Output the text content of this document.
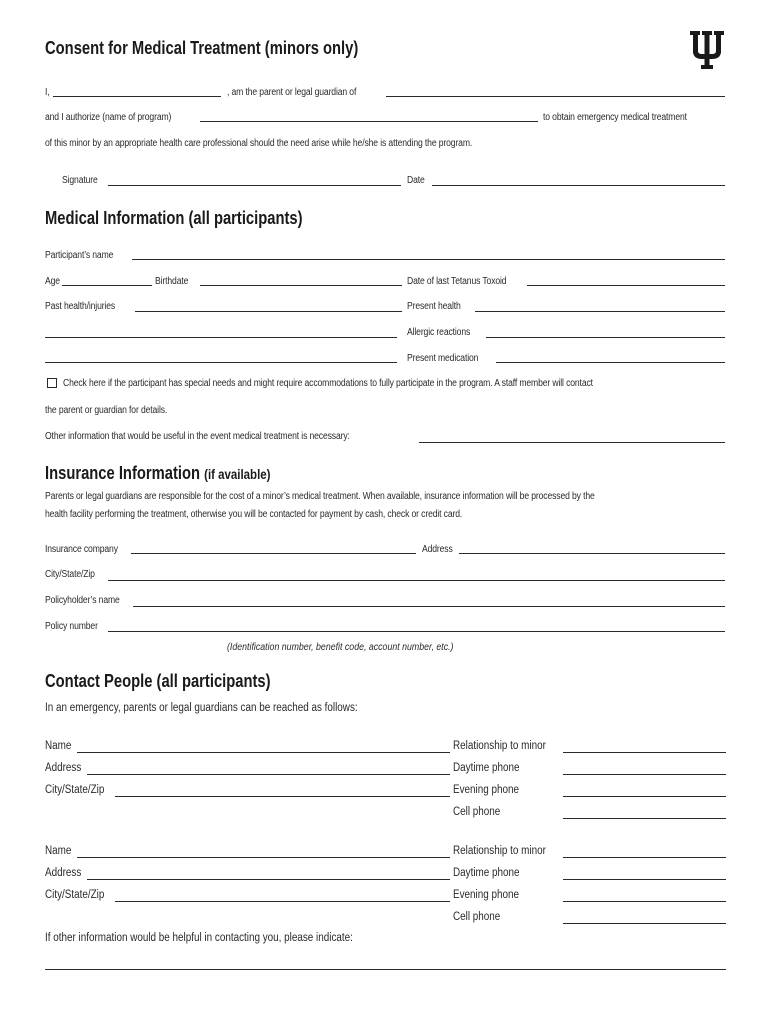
Consent for Medical Treatment (minors only)
I,	, am the parent or legal guardian of
and I authorize (name of program)	to obtain emergency medical treatment
of this minor by an appropriate health care professional should the need arise while he/she is attending the program.
Signature	Date
Medical Information (all participants)
Participant’s name
Age	Birthdate	Date of last Tetanus Toxoid
Past health/injuries	Present health
Allergic reactions
Present medication
Check here if the participant has special needs and might require accommodations to fully participate in the program. A staff member will contact
the parent or guardian for details.
Other information that would be useful in the event medical treatment is necessary:
Insurance Information (if available)
Parents or legal guardians are responsible for the cost of a minor’s medical treatment. When available, insurance information will be processed by the
health facility performing the treatment, otherwise you will be contacted for payment by cash, check or credit card.
Insurance company	Address
City/State/Zip
Policyholder’s name
Policy number
(Identification number, benefit code, account number, etc.)
Contact People (all participants)
In an emergency, parents or legal guardians can be reached as follows:
Name	Relationship to minor
Address	Daytime phone
City/State/Zip	Evening phone
Cell phone
Name	Relationship to minor
Address	Daytime phone
City/State/Zip	Evening phone
Cell phone
If other information would be helpful in contacting you, please indicate:
